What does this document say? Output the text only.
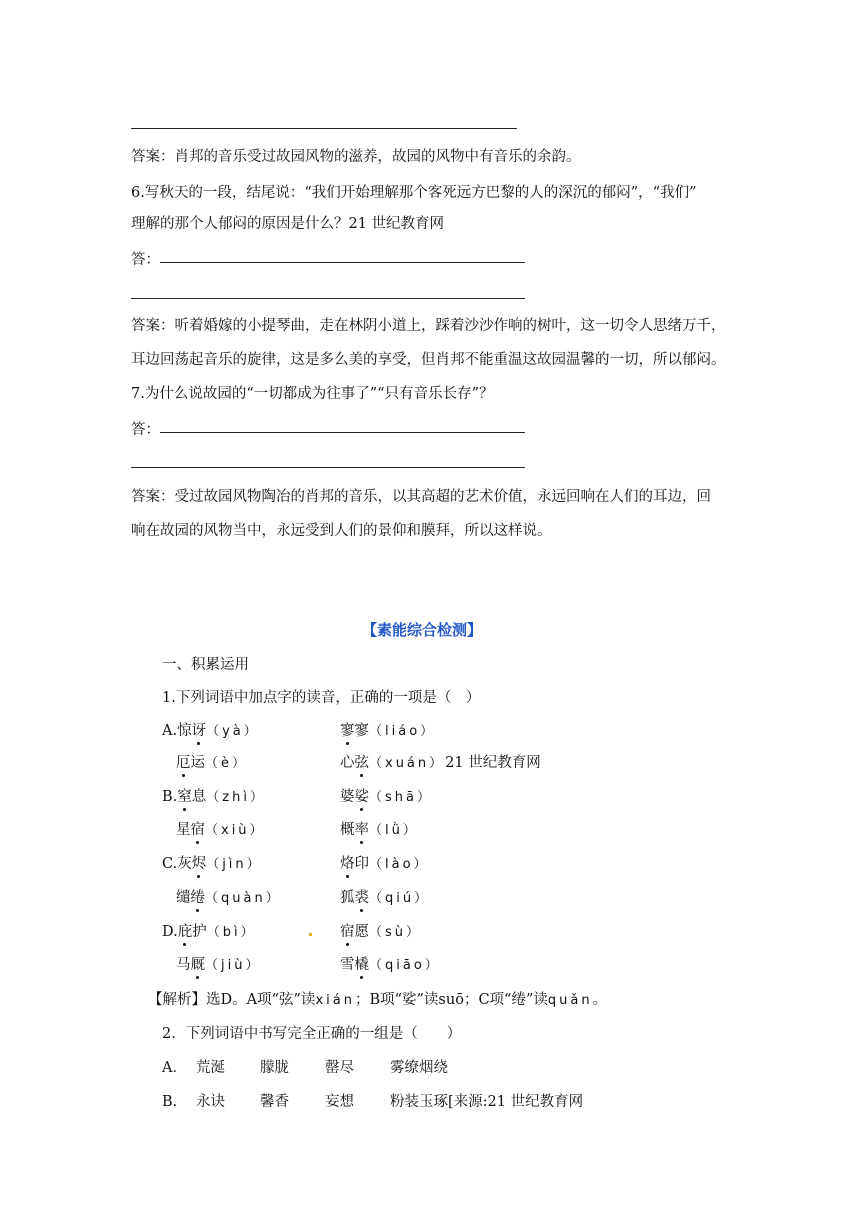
答案：肖邦的音乐受过故园风物的滋养，故园的风物中有音乐的余韵。
6.写秋天的一段，结尾说：“我们开始理解那个客死远方巴黎的人的深沉的郁闷”，“我们”
理解的那个人郁闷的原因是什么？21 世纪教育网
答：
答案：听着婚嫁的小提琴曲，走在林阴小道上，踩着沙沙作响的树叶，这一切令人思绪万千，
耳边回荡起音乐的旋律，这是多么美的享受，但肖邦不能重温这故园温馨的一切，所以郁闷。
7.为什么说故园的“一切都成为往事了”“只有音乐长存”？
答：
答案：受过故园风物陶冶的肖邦的音乐，以其高超的艺术价值，永远回响在人们的耳边，回
响在故园的风物当中，永远受到人们的景仰和膜拜，所以这样说。
【素能综合检测】
一、积累运用
1.下列词语中加点字的读音，正确的一项是（　）
A.惊讶（yà）	寥寥（liáo）
厄运（è）	心弦（xuán）21 世纪教育网
B.窒息（zhì）	婆娑（shā）
星宿（xiù）	概率（lǜ）
C.灰烬（jìn）	烙印（lào）
缱绻（quàn）	狐裘（qiú）
D.庇护（bì）	宿愿（sù）
马厩（jiù）	雪橇（qiāo）
【解析】选D。A项“弦”读xián；B项“娑”读suō；C项“绻”读quǎn。
2．下列词语中书写完全正确的一组是（　　）
A． 荒涎 朦胧 罄尽 雾缭烟绕
B． 永诀 馨香 妄想 粉装玉琢[来源:21 世纪教育网
